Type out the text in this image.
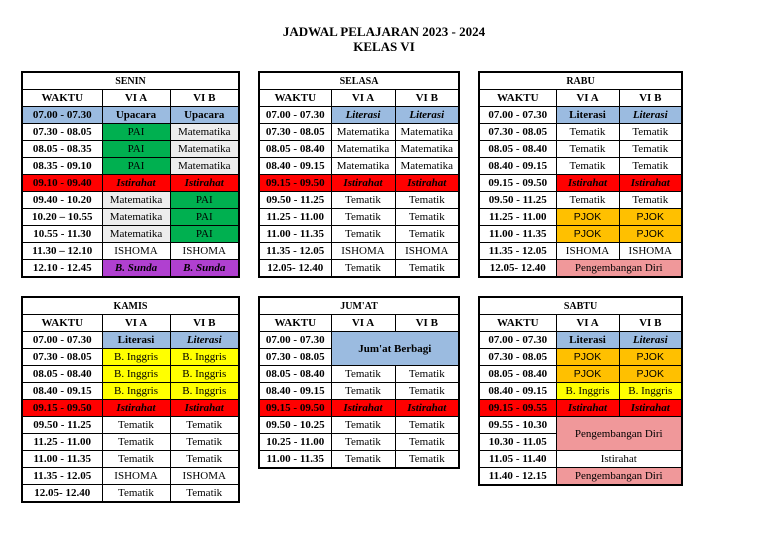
JADWAL PELAJARAN 2023 - 2024
KELAS VI
SENIN		
WAKTU	VI A	VI B
07.00 - 07.30	Upacara	Upacara
07.30 - 08.05	PAI	Matematika
08.05 - 08.35	PAI	Matematika
08.35 - 09.10	PAI	Matematika
09.10 - 09.40	Istirahat	Istirahat
09.40 - 10.20	Matematika	PAI
10.20 – 10.55	Matematika	PAI
10.55 - 11.30	Matematika	PAI
11.30 – 12.10	ISHOMA	ISHOMA
12.10 - 12.45	B. Sunda	B. Sunda
SELASA		
WAKTU	VI A	VI B
07.00 - 07.30	Literasi	Literasi
07.30 - 08.05	Matematika	Matematika
08.05 - 08.40	Matematika	Matematika
08.40 - 09.15	Matematika	Matematika
09.15 - 09.50	Istirahat	Istirahat
09.50 - 11.25	Tematik	Tematik
11.25 - 11.00	Tematik	Tematik
11.00 - 11.35	Tematik	Tematik
11.35 - 12.05	ISHOMA	ISHOMA
12.05- 12.40	Tematik	Tematik
RABU		
WAKTU	VI A	VI B
07.00 - 07.30	Literasi	Literasi
07.30 - 08.05	Tematik	Tematik
08.05 - 08.40	Tematik	Tematik
08.40 - 09.15	Tematik	Tematik
09.15 - 09.50	Istirahat	Istirahat
09.50 - 11.25	Tematik	Tematik
11.25 - 11.00	PJOK	PJOK
11.00 - 11.35	PJOK	PJOK
11.35 - 12.05	ISHOMA	ISHOMA
12.05- 12.40	Pengembangan Diri	
KAMIS		
WAKTU	VI A	VI B
07.00 - 07.30	Literasi	Literasi
07.30 - 08.05	B. Inggris	B. Inggris
08.05 - 08.40	B. Inggris	B. Inggris
08.40 - 09.15	B. Inggris	B. Inggris
09.15 - 09.50	Istirahat	Istirahat
09.50 - 11.25	Tematik	Tematik
11.25 - 11.00	Tematik	Tematik
11.00 - 11.35	Tematik	Tematik
11.35 - 12.05	ISHOMA	ISHOMA
12.05- 12.40	Tematik	Tematik
JUM'AT		
WAKTU	VI A	VI B
07.00 - 07.30	Jum'at Berbagi	
07.30 - 08.05		
08.05 - 08.40	Tematik	Tematik
08.40 - 09.15	Tematik	Tematik
09.15 - 09.50	Istirahat	Istirahat
09.50 - 10.25	Tematik	Tematik
10.25 - 11.00	Tematik	Tematik
11.00 - 11.35	Tematik	Tematik
SABTU		
WAKTU	VI A	VI B
07.00 - 07.30	Literasi	Literasi
07.30 - 08.05	PJOK	PJOK
08.05 - 08.40	PJOK	PJOK
08.40 - 09.15	B. Inggris	B. Inggris
09.15 - 09.55	Istirahat	Istirahat
09.55 - 10.30	Pengembangan Diri	
10.30 - 11.05		
11.05 - 11.40	Istirahat	
11.40 - 12.15	Pengembangan Diri	
